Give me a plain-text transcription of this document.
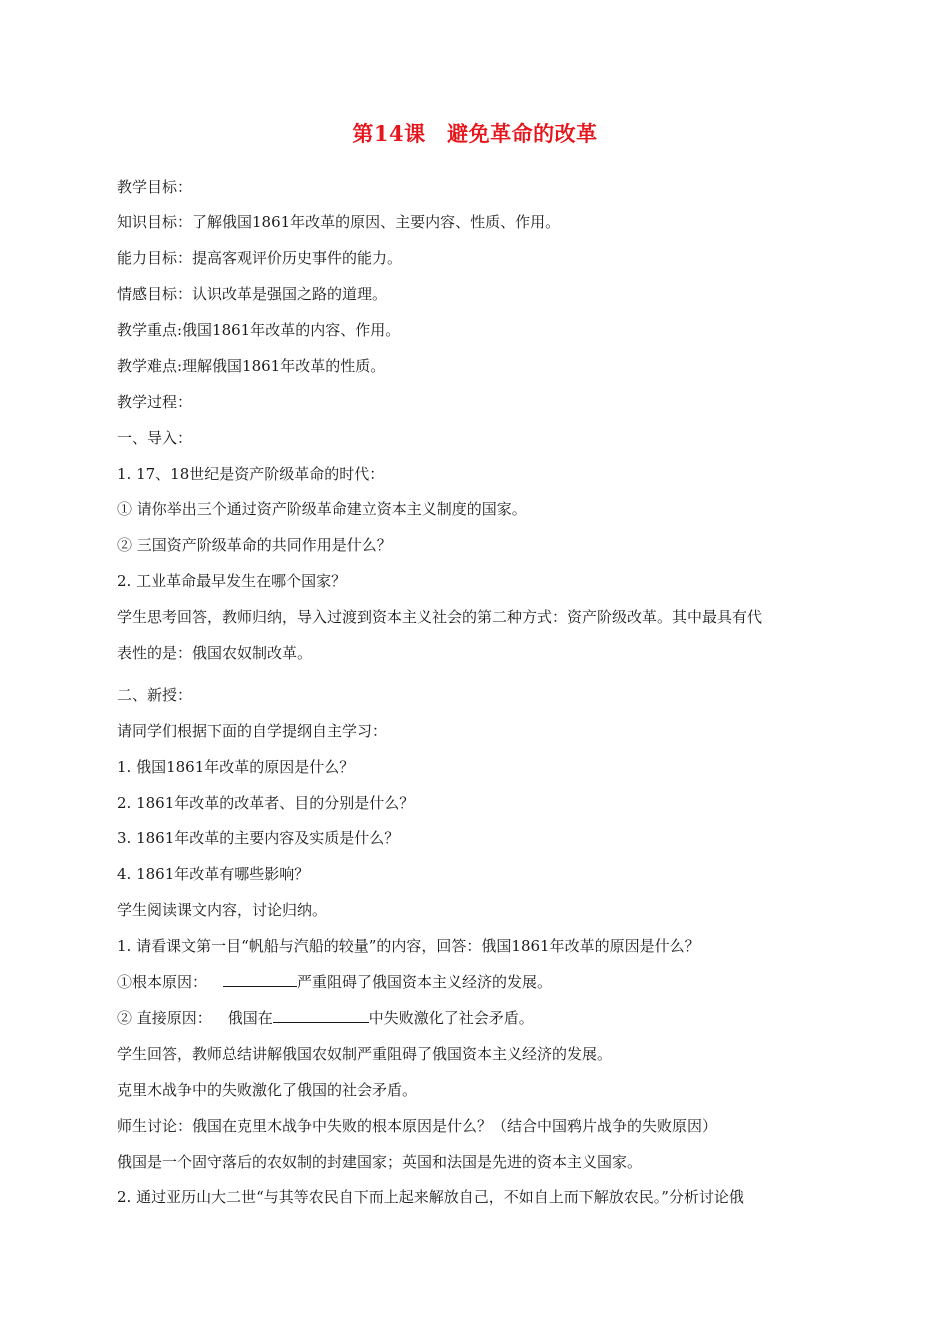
第14课　避免革命的改革
教学目标：
知识目标：了解俄国1861年改革的原因、主要内容、性质、作用。
能力目标：提高客观评价历史事件的能力。
情感目标：认识改革是强国之路的道理。
教学重点:俄国1861年改革的内容、作用。
教学难点:理解俄国1861年改革的性质。
教学过程：
一、导入：
1. 17、18世纪是资产阶级革命的时代：
① 请你举出三个通过资产阶级革命建立资本主义制度的国家。
② 三国资产阶级革命的共同作用是什么？
2. 工业革命最早发生在哪个国家？
学生思考回答，教师归纳，导入过渡到资本主义社会的第二种方式：资产阶级改革。其中最具有代
表性的是：俄国农奴制改革。
二、新授：
请同学们根据下面的自学提纲自主学习：
1. 俄国1861年改革的原因是什么？
2. 1861年改革的改革者、目的分别是什么？
3. 1861年改革的主要内容及实质是什么？
4. 1861年改革有哪些影响？
学生阅读课文内容，讨论归纳。
1. 请看课文第一目“帆船与汽船的较量”的内容，回答：俄国1861年改革的原因是什么？
①根本原因：	严重阻碍了俄国资本主义经济的发展。
② 直接原因： 俄国在	中失败激化了社会矛盾。
学生回答，教师总结讲解俄国农奴制严重阻碍了俄国资本主义经济的发展。
克里木战争中的失败激化了俄国的社会矛盾。
师生讨论：俄国在克里木战争中失败的根本原因是什么？（结合中国鸦片战争的失败原因）
俄国是一个固守落后的农奴制的封建国家；英国和法国是先进的资本主义国家。
2. 通过亚历山大二世“与其等农民自下而上起来解放自己，不如自上而下解放农民。”分析讨论俄
